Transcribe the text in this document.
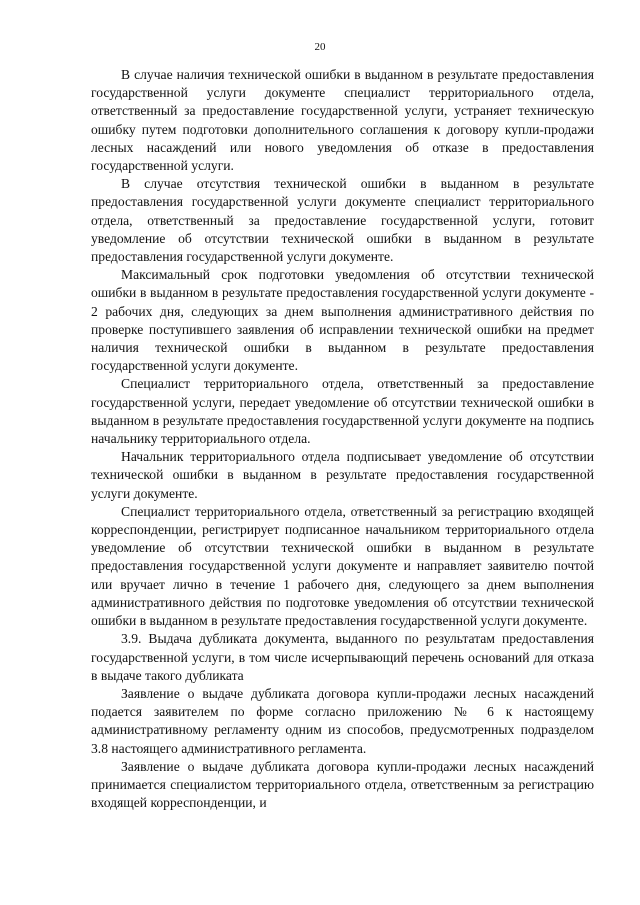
20

В случае наличия технической ошибки в выданном в результате предоставления государственной услуги документе специалист территориального отдела, ответственный за предоставление государственной услуги, устраняет техническую ошибку путем подготовки дополнительного соглашения к договору купли-продажи лесных насаждений или нового уведомления об отказе в предоставления государственной услуги.

В случае отсутствия технической ошибки в выданном в результате предоставления государственной услуги документе специалист территориального отдела, ответственный за предоставление государственной услуги, готовит уведомление об отсутствии технической ошибки в выданном в результате предоставления государственной услуги документе.

Максимальный срок подготовки уведомления об отсутствии технической ошибки в выданном в результате предоставления государственной услуги документе - 2 рабочих дня, следующих за днем выполнения административного действия по проверке поступившего заявления об исправлении технической ошибки на предмет наличия технической ошибки в выданном в результате предоставления государственной услуги документе.

Специалист территориального отдела, ответственный за предоставление государственной услуги, передает уведомление об отсутствии технической ошибки в выданном в результате предоставления государственной услуги документе на подпись начальнику территориального отдела.

Начальник территориального отдела подписывает уведомление об отсутствии технической ошибки в выданном в результате предоставления государственной услуги документе.

Специалист территориального отдела, ответственный за регистрацию входящей корреспонденции, регистрирует подписанное начальником территориального отдела уведомление об отсутствии технической ошибки в выданном в результате предоставления государственной услуги документе и направляет заявителю почтой или вручает лично в течение 1 рабочего дня, следующего за днем выполнения административного действия по подготовке уведомления об отсутствии технической ошибки в выданном в результате предоставления государственной услуги документе.

3.9. Выдача дубликата документа, выданного по результатам предоставления государственной услуги, в том числе исчерпывающий перечень оснований для отказа в выдаче такого дубликата

Заявление о выдаче дубликата договора купли-продажи лесных насаждений подается заявителем по форме согласно приложению № 6 к настоящему административному регламенту одним из способов, предусмотренных подразделом 3.8 настоящего административного регламента.

Заявление о выдаче дубликата договора купли-продажи лесных насаждений принимается специалистом территориального отдела, ответственным за регистрацию входящей корреспонденции, и
